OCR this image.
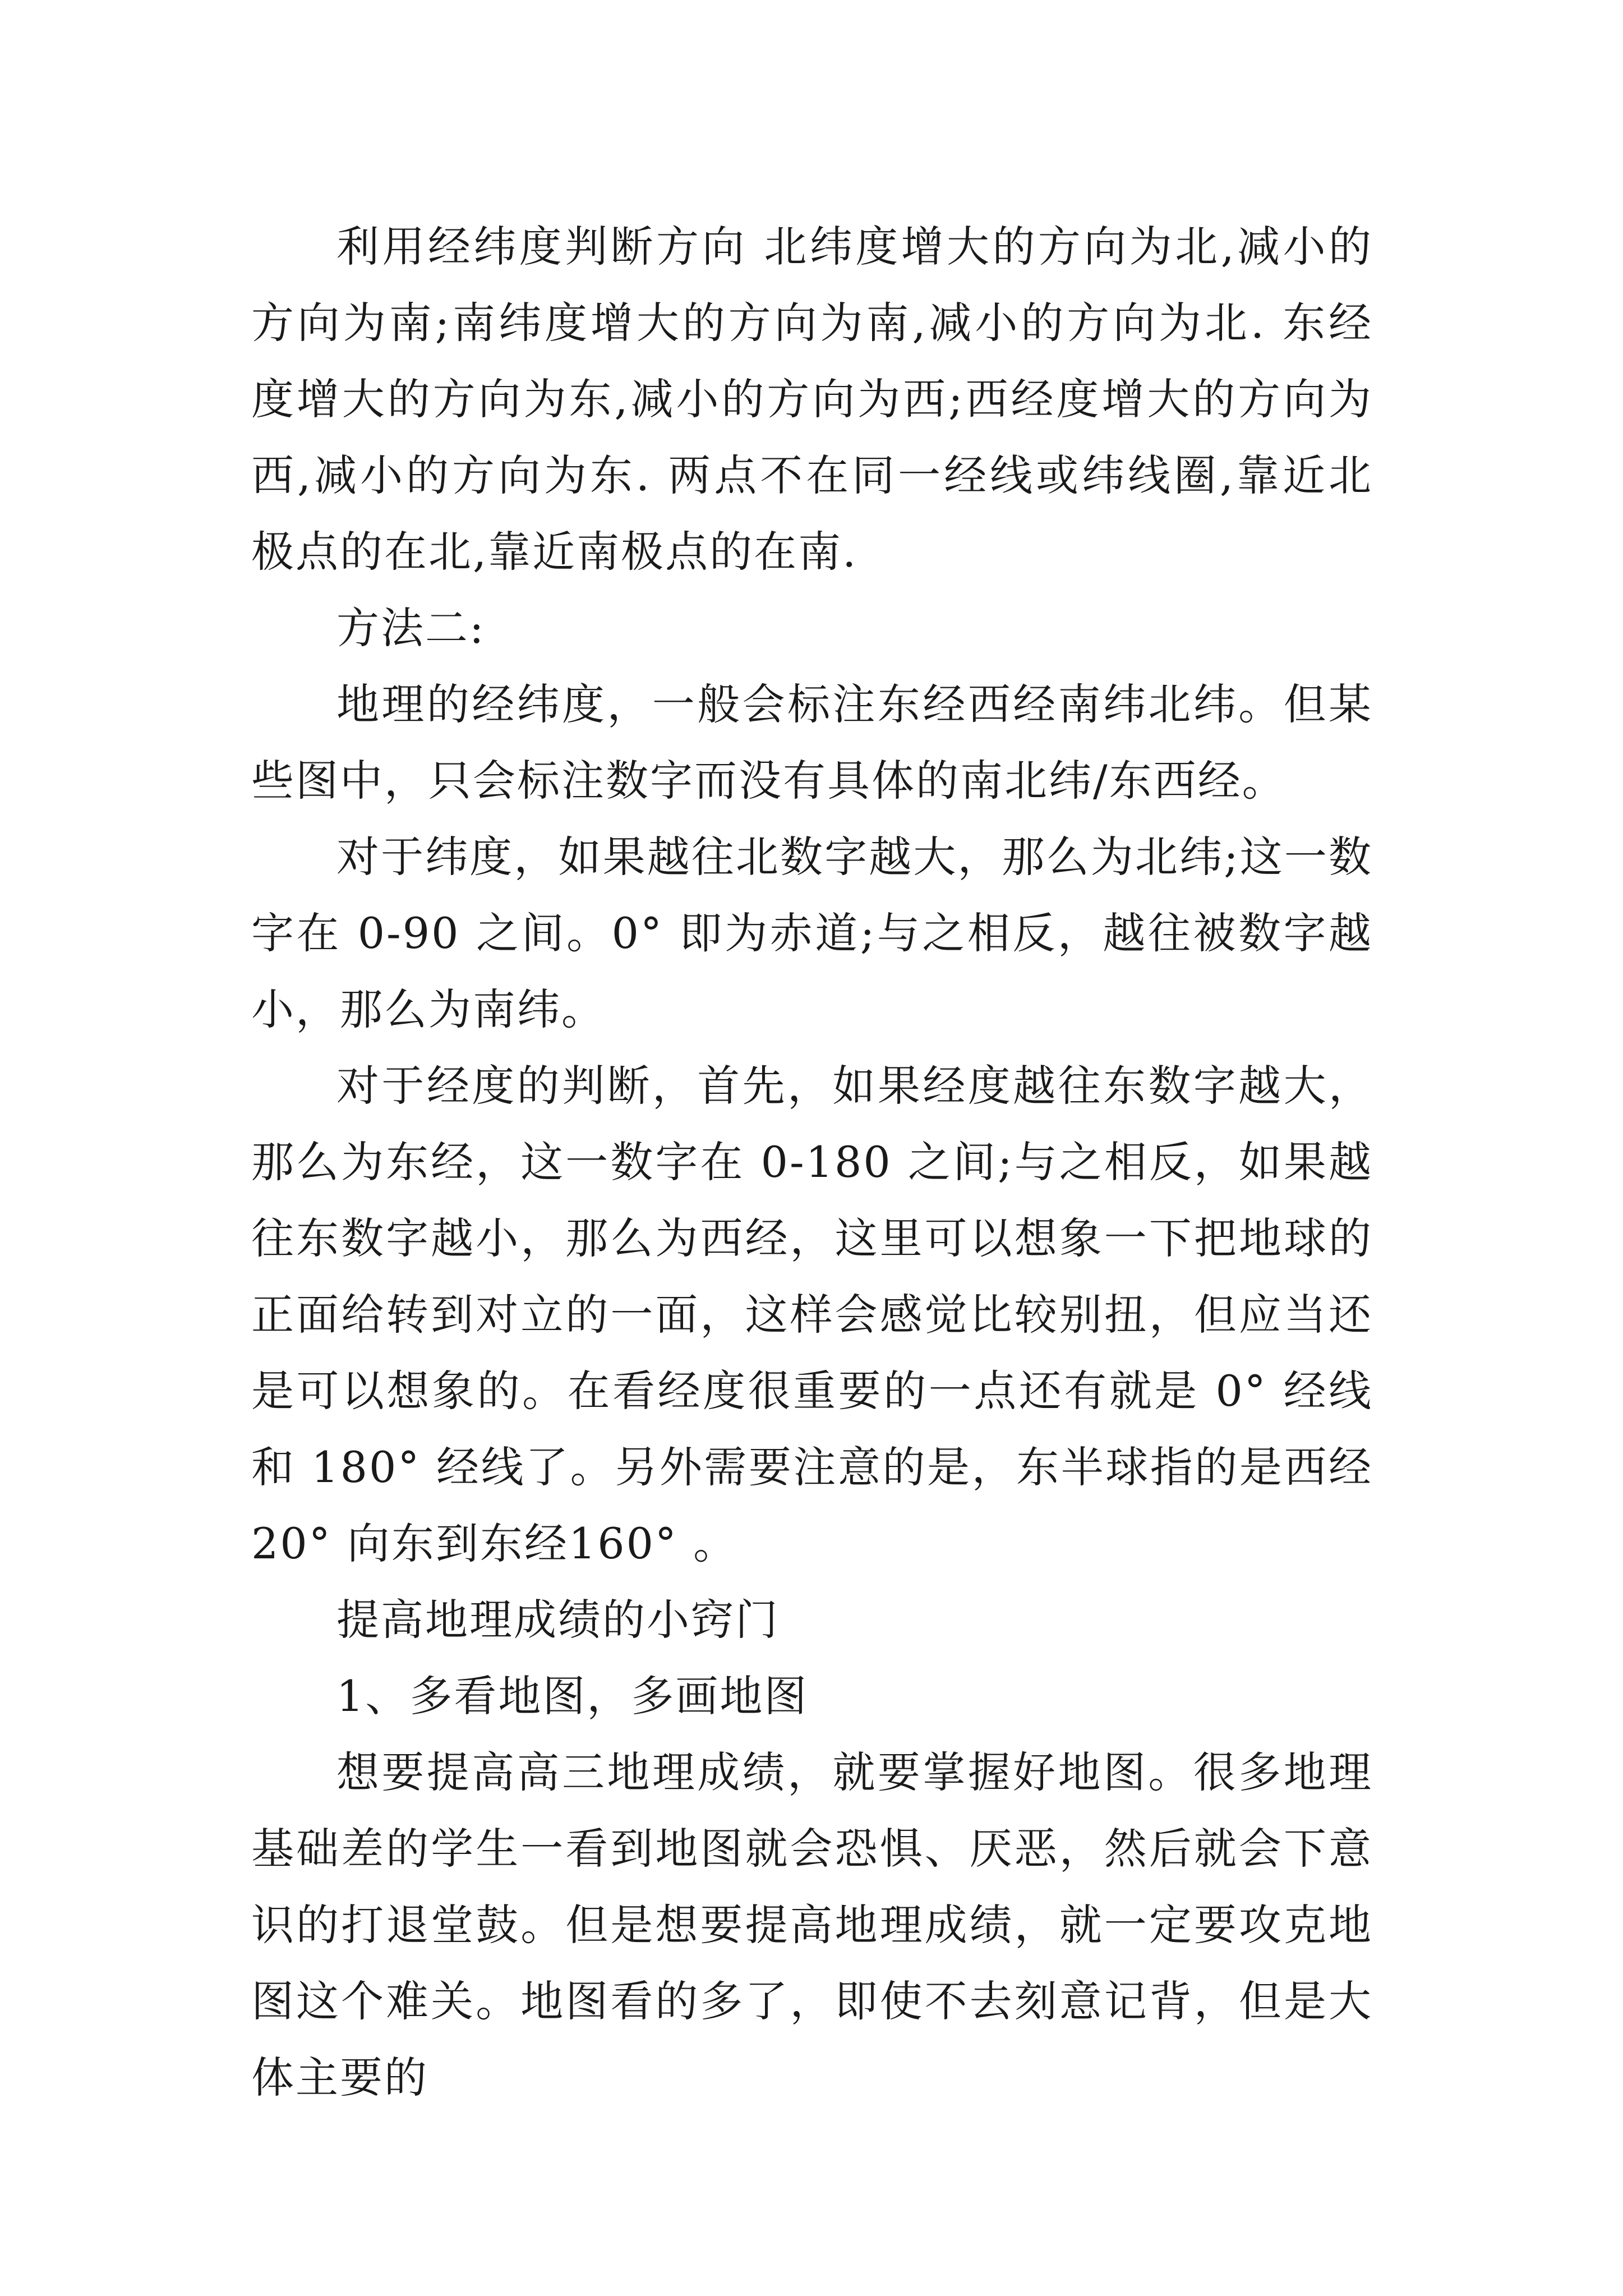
利用经纬度判断方向 北纬度增大的方向为北,减小的方向为南;南纬度增大的方向为南,减小的方向为北. 东经度增大的方向为东,减小的方向为西;西经度增大的方向为西,减小的方向为东. 两点不在同一经线或纬线圈,靠近北极点的在北,靠近南极点的在南.

方法二:

地理的经纬度，一般会标注东经西经南纬北纬。但某些图中，只会标注数字而没有具体的南北纬/东西经。

对于纬度，如果越往北数字越大，那么为北纬;这一数字在 0-90 之间。0° 即为赤道;与之相反，越往被数字越小，那么为南纬。

对于经度的判断，首先，如果经度越往东数字越大，那么为东经，这一数字在 0-180 之间;与之相反，如果越往东数字越小，那么为西经，这里可以想象一下把地球的正面给转到对立的一面，这样会感觉比较别扭，但应当还是可以想象的。在看经度很重要的一点还有就是 0° 经线和 180° 经线了。另外需要注意的是，东半球指的是西经 20° 向东到东经160° 。

提高地理成绩的小窍门

1、多看地图，多画地图

想要提高高三地理成绩，就要掌握好地图。很多地理基础差的学生一看到地图就会恐惧、厌恶，然后就会下意识的打退堂鼓。但是想要提高地理成绩，就一定要攻克地图这个难关。地图看的多了，即使不去刻意记背，但是大体主要的
